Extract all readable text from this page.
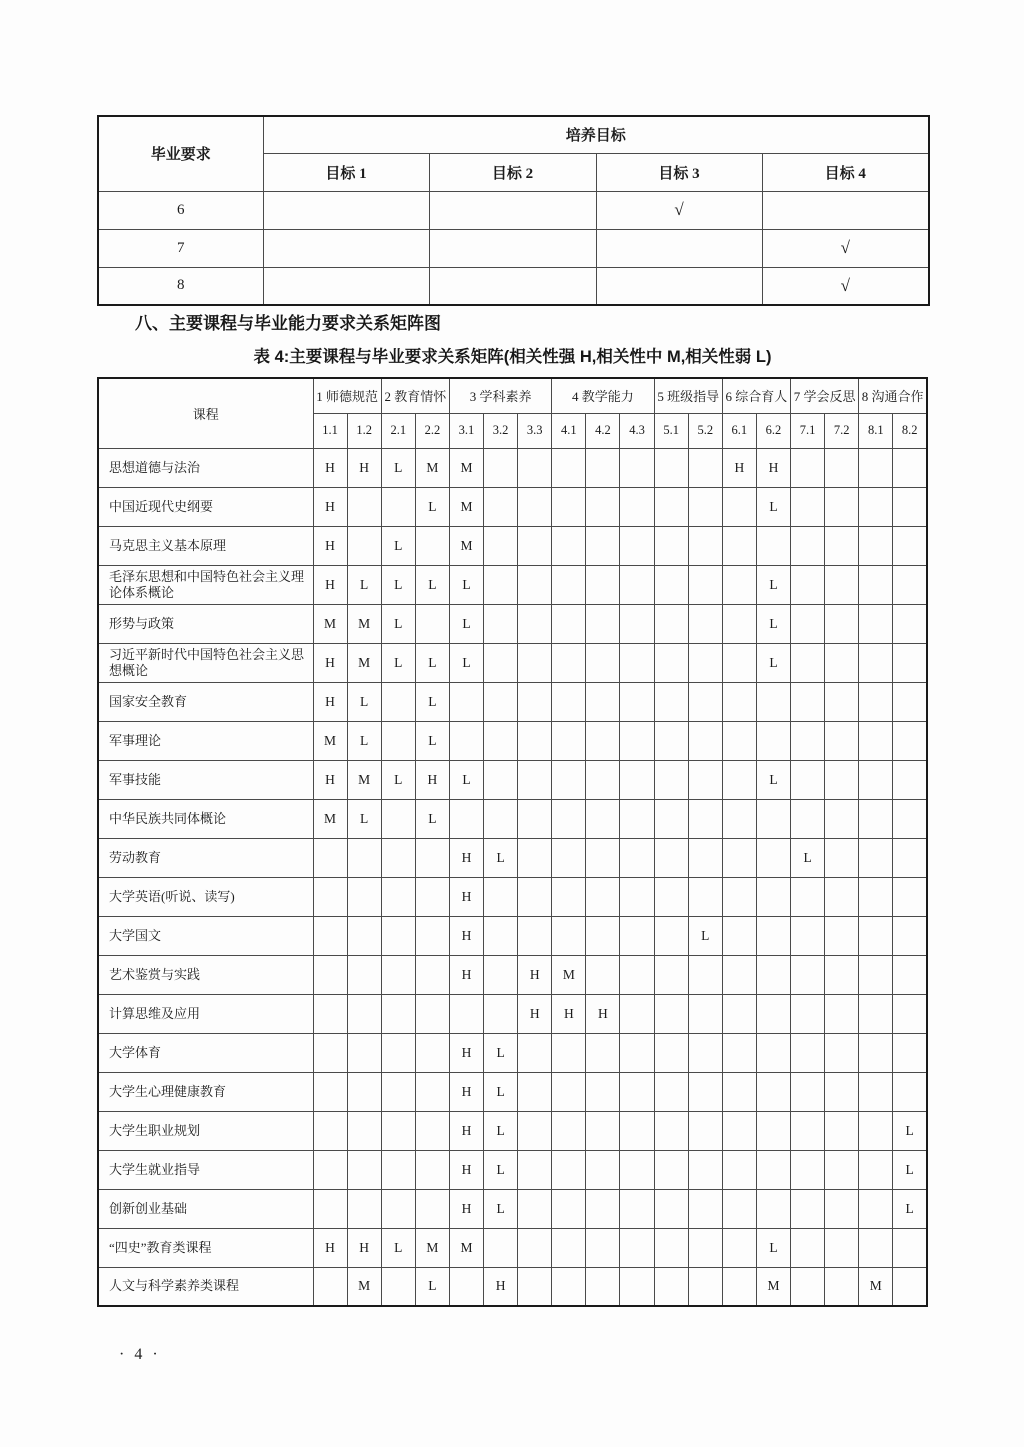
毕业要求	培养目标			
	目标 1	目标 2	目标 3	目标 4
6			√	
7				√
8				√
八、主要课程与毕业能力要求关系矩阵图
表 4:主要课程与毕业要求关系矩阵(相关性强 H,相关性中 M,相关性弱 L)
课程	1 师德规范		2 教育情怀		3 学科素养			4 教学能力			5 班级指导		6 综合育人		7 学会反思		8 沟通合作	
	1.1	1.2	2.1	2.2	3.1	3.2	3.3	4.1	4.2	4.3	5.1	5.2	6.1	6.2	7.1	7.2	8.1	8.2
思想道德与法治	H	H	L	M	M								H	H				
中国近现代史纲要	H			L	M									L				
马克思主义基本原理	H		L		M													
毛泽东思想和中国特色社会主义理论体系概论	H	L	L	L	L									L				
形势与政策	M	M	L		L									L				
习近平新时代中国特色社会主义思想概论	H	M	L	L	L									L				
国家安全教育	H	L		L														
军事理论	M	L		L														
军事技能	H	M	L	H	L									L				
中华民族共同体概论	M	L		L														
劳动教育					H	L									L			
大学英语(听说、读写)					H													
大学国文					H							L						
艺术鉴赏与实践					H		H	M										
计算思维及应用							H	H	H									
大学体育					H	L												
大学生心理健康教育					H	L												
大学生职业规划					H	L												L
大学生就业指导					H	L												L
创新创业基础					H	L												L
“四史”教育类课程	H	H	L	M	M									L				
人文与科学素养类课程		M		L		H								M			M	
· 4 ·
